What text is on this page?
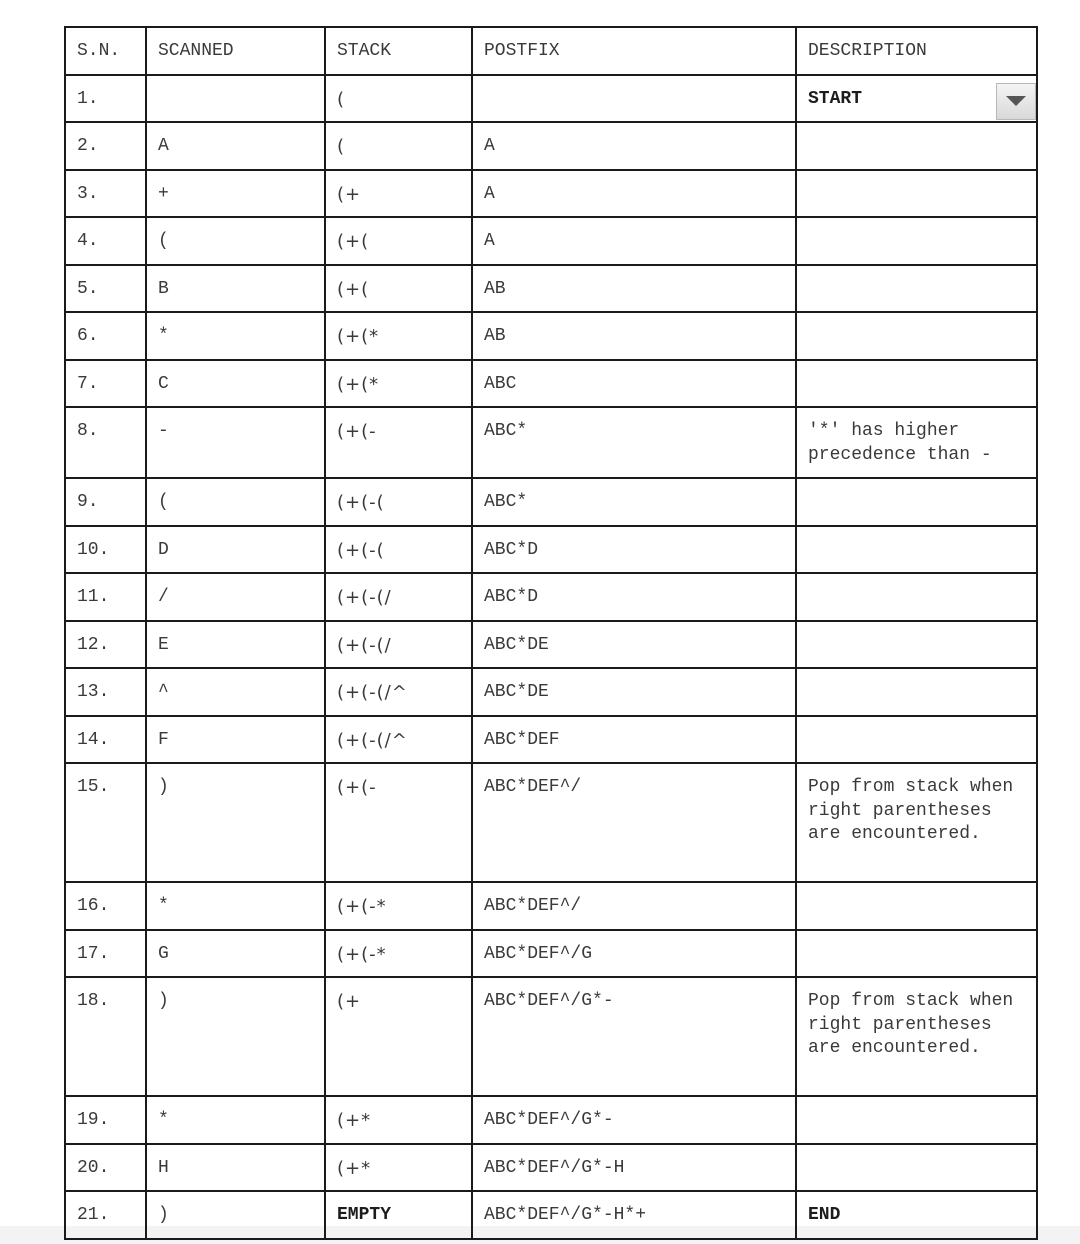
S.N.	SCANNED	STACK	POSTFIX	DESCRIPTION
1.		(		START

2.	A	(	A	
3.	+	(+	A	
4.	(	(+(	A	
5.	B	(+(	AB	
6.	*	(+(*	AB	
7.	C	(+(*	ABC	
8.	-	(+(-	ABC*	'*' has higher precedence than -
9.	(	(+(-(	ABC*	
10.	D	(+(-(	ABC*D	
11.	/	(+(-(/	ABC*D	
12.	E	(+(-(/	ABC*DE	
13.	^	(+(-(/^	ABC*DE	
14.	F	(+(-(/^	ABC*DEF	
15.	)	(+(-	ABC*DEF^/	Pop from stack when right parentheses are encountered.
16.	*	(+(-*	ABC*DEF^/	
17.	G	(+(-*	ABC*DEF^/G	
18.	)	(+	ABC*DEF^/G*-	Pop from stack when right parentheses are encountered.
19.	*	(+*	ABC*DEF^/G*-	
20.	H	(+*	ABC*DEF^/G*-H	
21.	)	EMPTY	ABC*DEF^/G*-H*+	END
